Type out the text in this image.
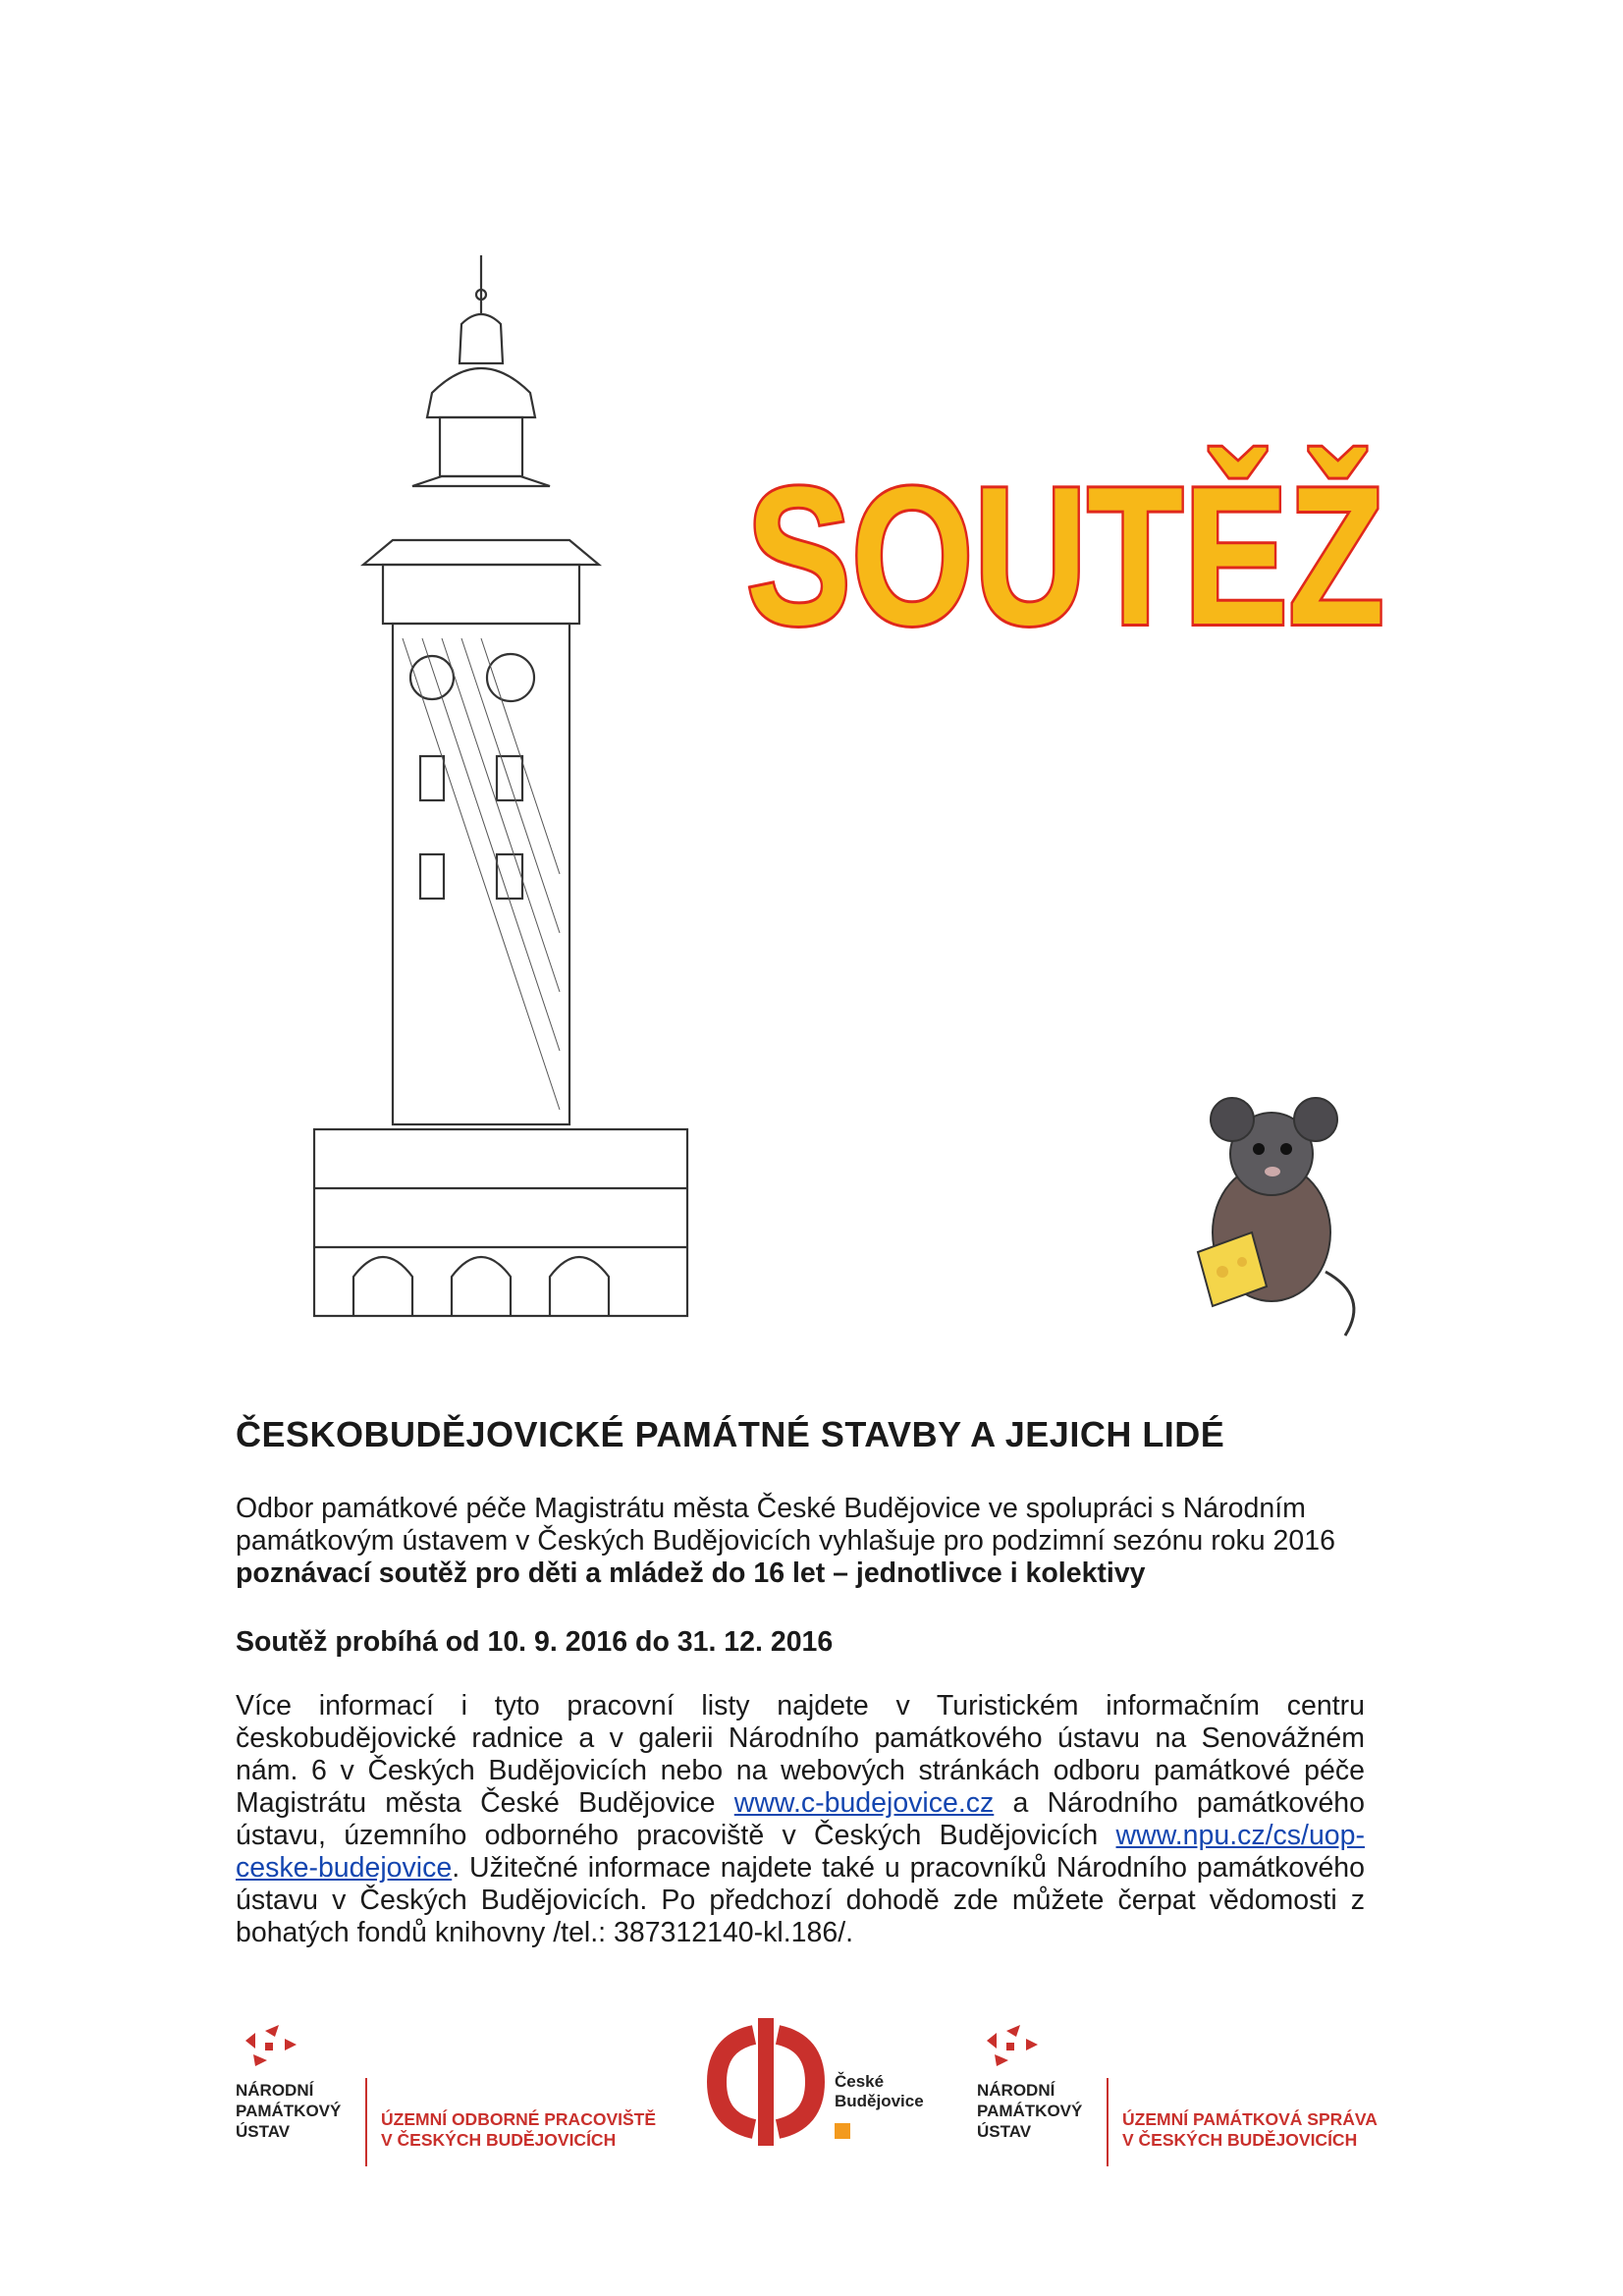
SOUTĚŽ
ČESKOBUDĚJOVICKÉ PAMÁTNÉ STAVBY A JEJICH LIDÉ
Odbor památkové péče Magistrátu města České Budějovice ve spolupráci s Národním památkovým ústavem v Českých Budějovicích vyhlašuje pro podzimní sezónu roku 2016 poznávací soutěž pro děti a mládež do 16 let – jednotlivce i kolektivy
Soutěž probíhá od 10. 9. 2016 do 31. 12. 2016
Více informací i tyto pracovní listy najdete v Turistickém informačním centru českobudějovické radnice a v galerii Národního památkového ústavu na Senovážném nám. 6 v Českých Budějovicích nebo na webových stránkách odboru památkové péče Magistrátu města České Budějovice www.c-budejovice.cz a Národního památkového ústavu, územního odborného pracoviště v Českých Budějovicích www.npu.cz/cs/uop-ceske-budejovice. Užitečné informace najdete také u pracovníků Národního památkového ústavu v Českých Budějovicích. Po předchozí dohodě zde můžete čerpat vědomosti z bohatých fondů knihovny /tel.: 387312140-kl.186/.
NÁRODNÍ
PAMÁTKOVÝ
ÚSTAV
ÚZEMNÍ ODBORNÉ PRACOVIŠTĚ
V ČESKÝCH BUDĚJOVICÍCH
České
Budějovice
NÁRODNÍ
PAMÁTKOVÝ
ÚSTAV
ÚZEMNÍ PAMÁTKOVÁ SPRÁVA
V ČESKÝCH BUDĚJOVICÍCH
